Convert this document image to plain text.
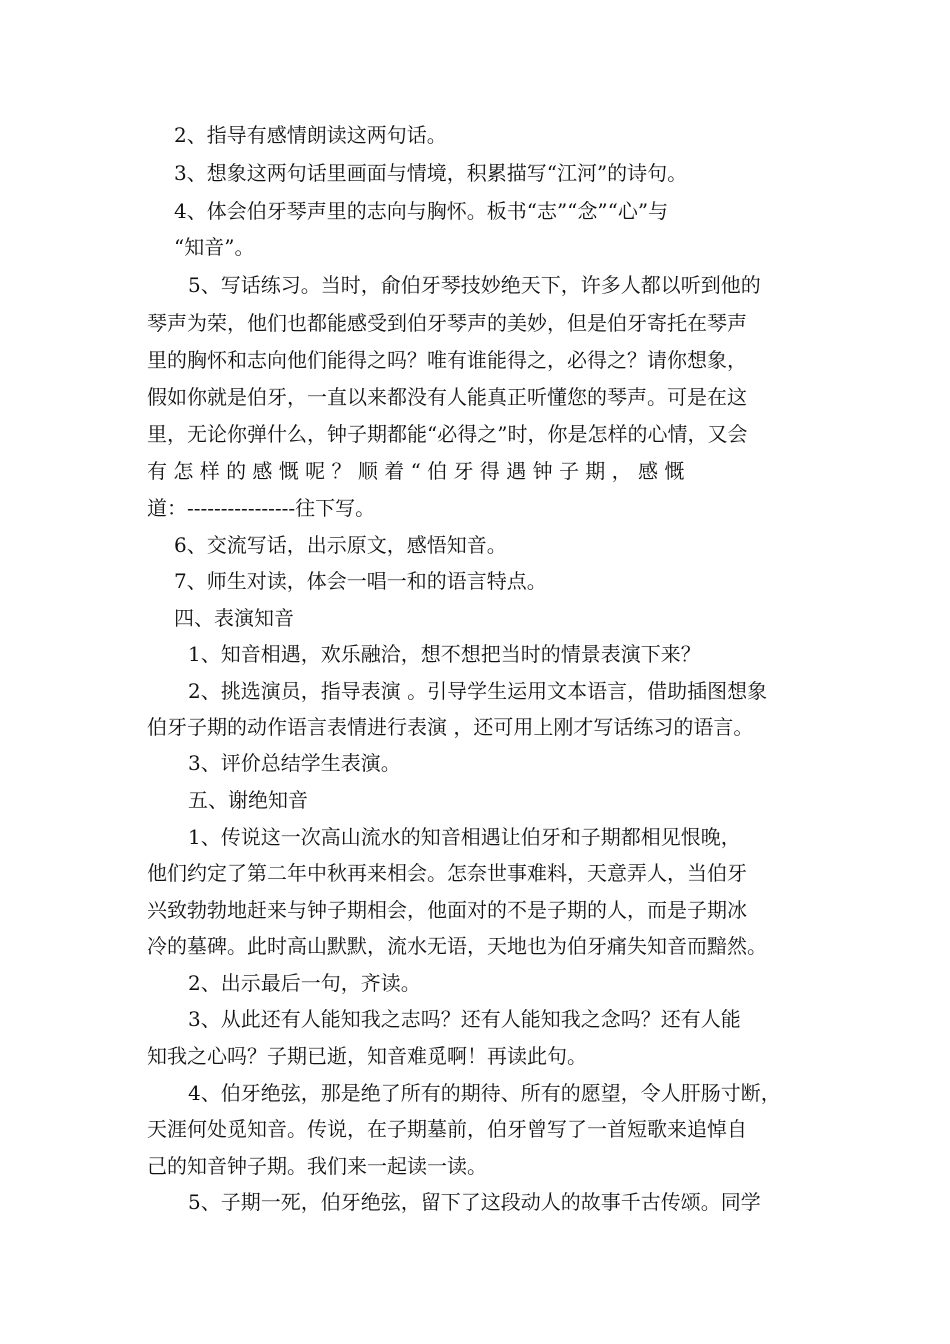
2、指导有感情朗读这两句话。
3、想象这两句话里画面与情境，积累描写“江河”的诗句。
4、体会伯牙琴声里的志向与胸怀。板书“志”“念”“心”与
“知音”。
5、写话练习。当时，俞伯牙琴技妙绝天下，许多人都以听到他的
琴声为荣，他们也都能感受到伯牙琴声的美妙，但是伯牙寄托在琴声
里的胸怀和志向他们能得之吗？唯有谁能得之，必得之？请你想象，
假如你就是伯牙，一直以来都没有人能真正听懂您的琴声。可是在这
里，无论你弹什么，钟子期都能“必得之”时，你是怎样的心情，又会
有 怎 样 的 感 慨 呢 ？ 顺 着 “ 伯 牙 得 遇 钟 子 期 ， 感 慨
道：----------------往下写。
6、交流写话，出示原文，感悟知音。
7、师生对读，体会一唱一和的语言特点。
四、表演知音
1、知音相遇，欢乐融洽，想不想把当时的情景表演下来？
2、挑选演员，指导表演 。引导学生运用文本语言，借助插图想象
伯牙子期的动作语言表情进行表演 ，还可用上刚才写话练习的语言。
3、评价总结学生表演。
五、谢绝知音
1、传说这一次高山流水的知音相遇让伯牙和子期都相见恨晚，
他们约定了第二年中秋再来相会。怎奈世事难料，天意弄人，当伯牙
兴致勃勃地赶来与钟子期相会，他面对的不是子期的人，而是子期冰
冷的墓碑。此时高山默默，流水无语，天地也为伯牙痛失知音而黯然。
2、出示最后一句，齐读。
3、从此还有人能知我之志吗？还有人能知我之念吗？还有人能
知我之心吗？子期已逝，知音难觅啊！再读此句。
4、伯牙绝弦，那是绝了所有的期待、所有的愿望，令人肝肠寸断，
天涯何处觅知音。传说，在子期墓前，伯牙曾写了一首短歌来追悼自
己的知音钟子期。我们来一起读一读。
5、子期一死，伯牙绝弦，留下了这段动人的故事千古传颂。同学
